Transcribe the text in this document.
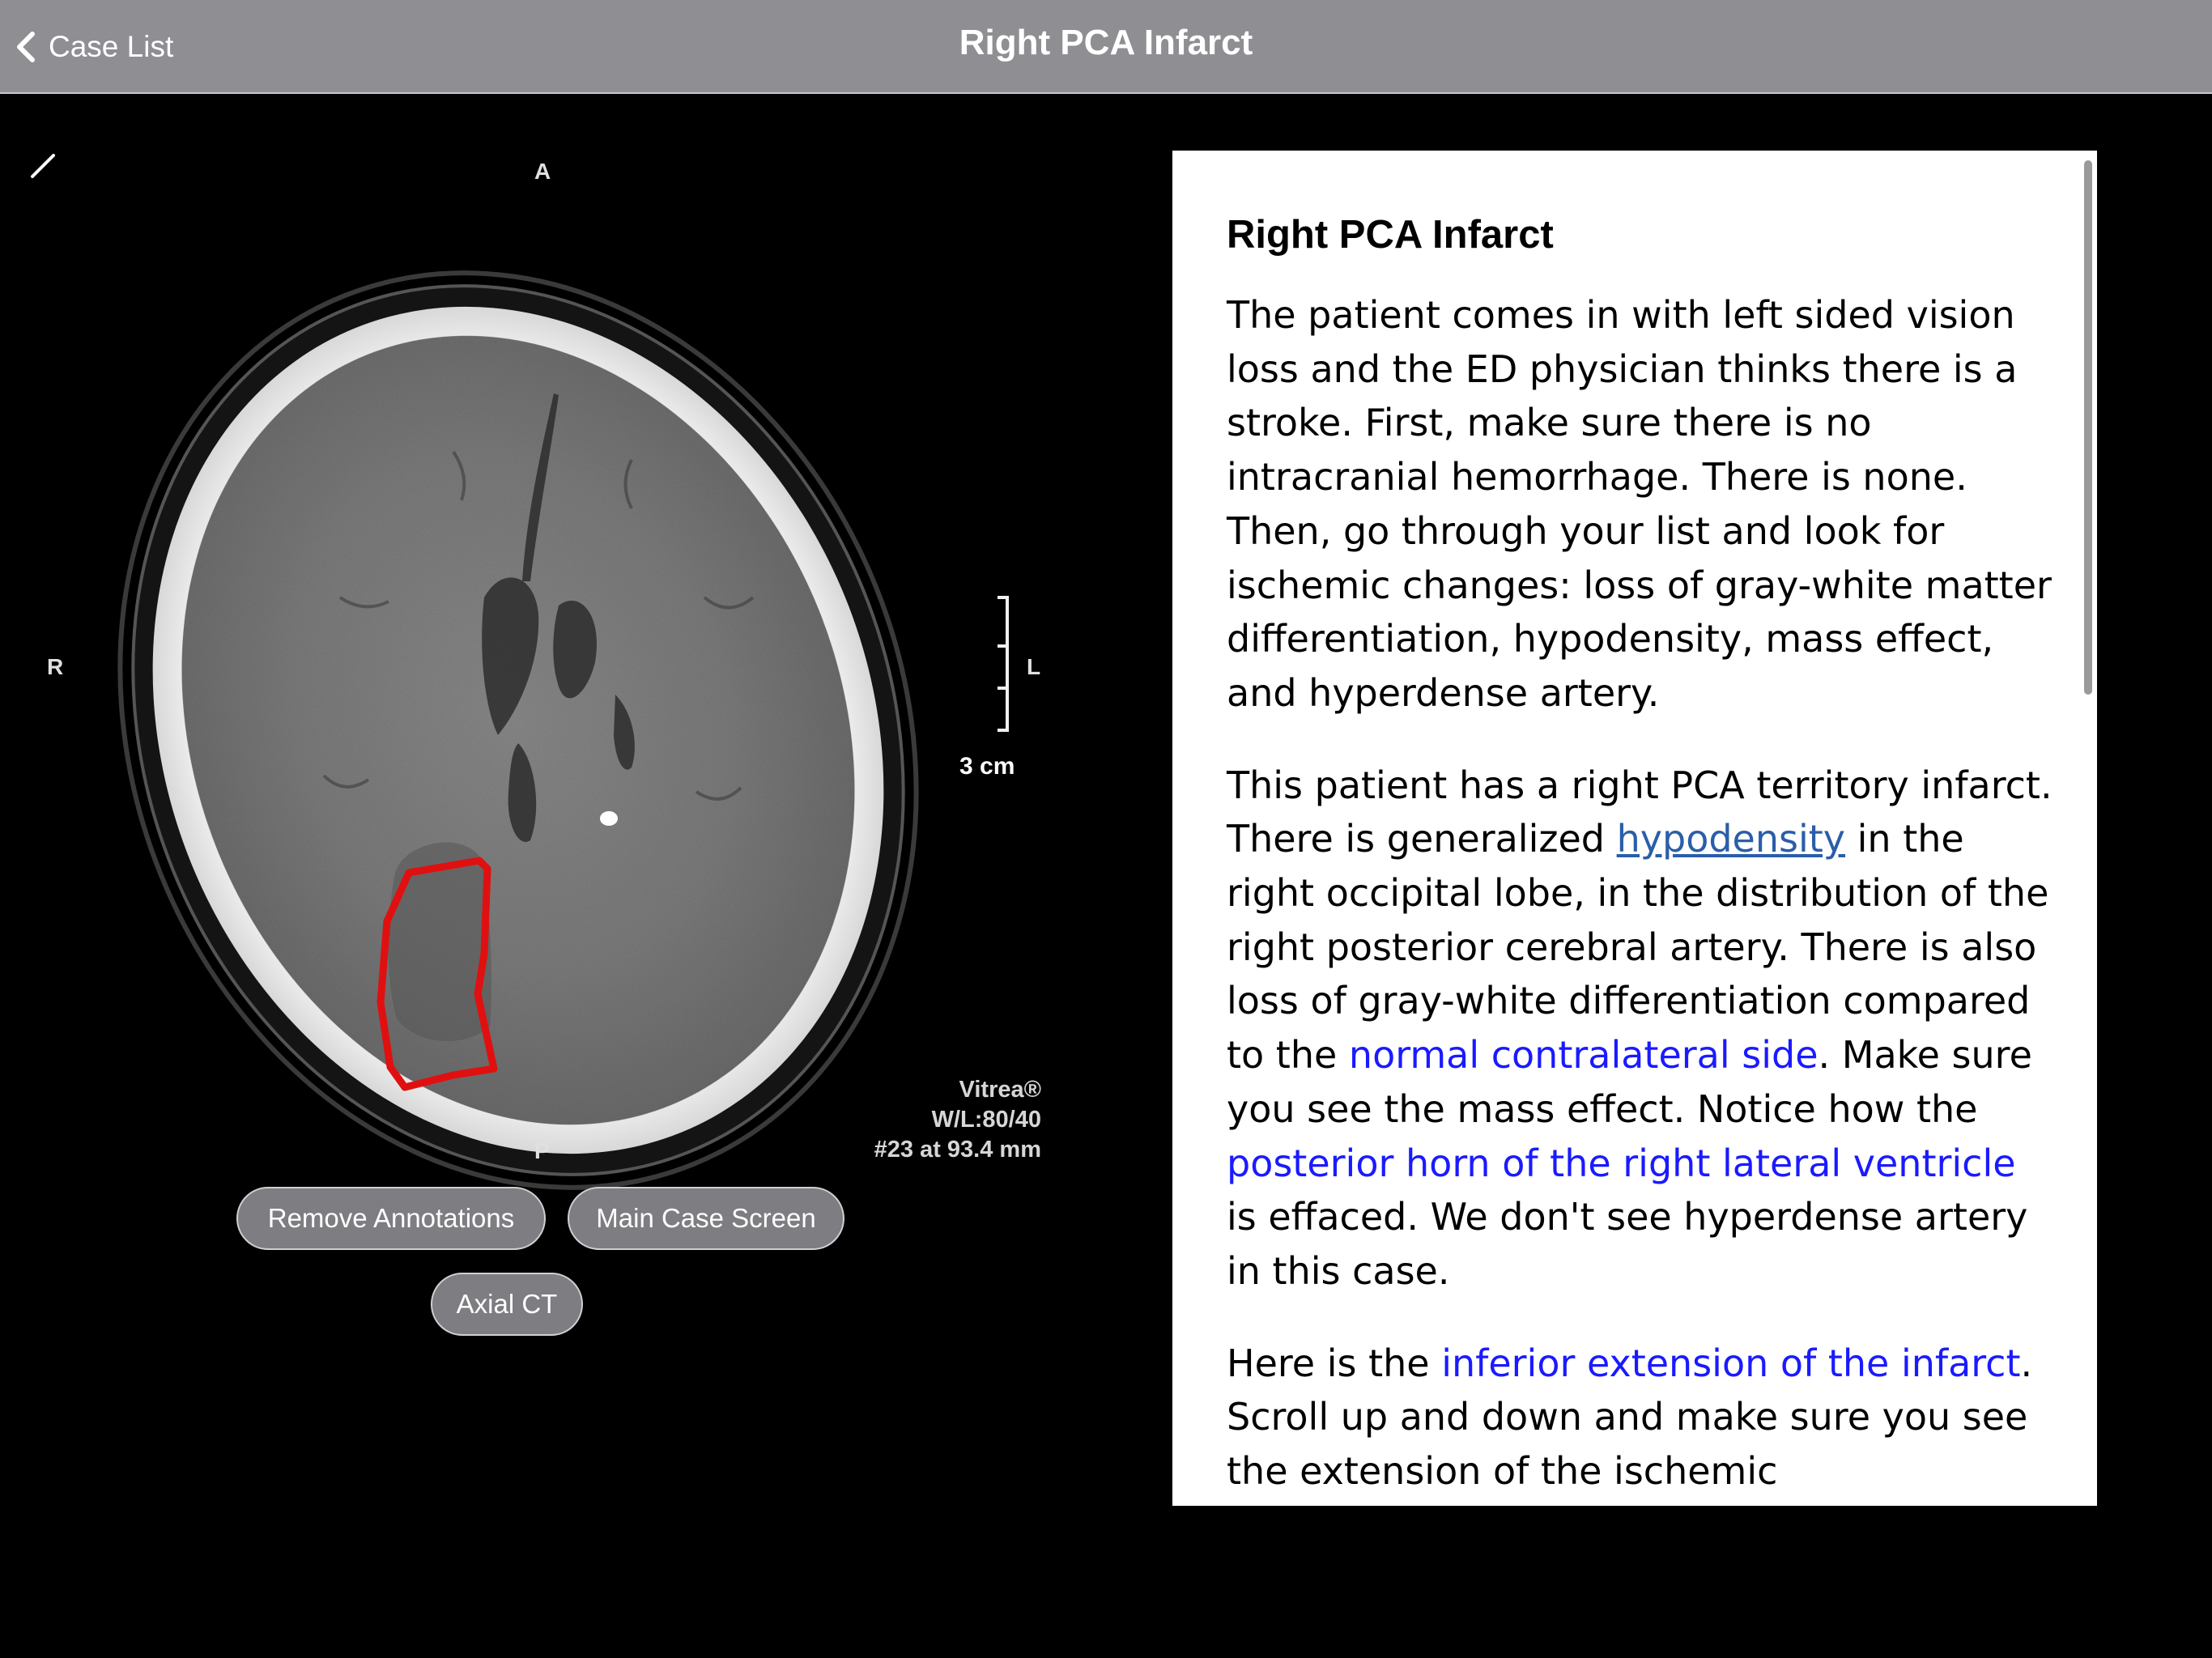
Case List	Right PCA Infarct
A
R	L
P
3 cm
Vitrea®
W/L:80/40
#23 at 93.4 mm
Remove Annotations	Main Case Screen
Axial CT
Right PCA Infarct

The patient comes in with left sided vision loss and the ED physician thinks there is a stroke. First, make sure there is no intracranial hemorrhage. There is none. Then, go through your list and look for ischemic changes: loss of gray-white matter differentiation, hypodensity, mass effect, and hyperdense artery.

This patient has a right PCA territory infarct. There is generalized hypodensity in the right occipital lobe, in the distribution of the right posterior cerebral artery. There is also loss of gray-white differentiation compared to the normal contralateral side. Make sure you see the mass effect. Notice how the posterior horn of the right lateral ventricle is effaced. We don't see hyperdense artery in this case.

Here is the inferior extension of the infarct. Scroll up and down and make sure you see the extension of the ischemic
